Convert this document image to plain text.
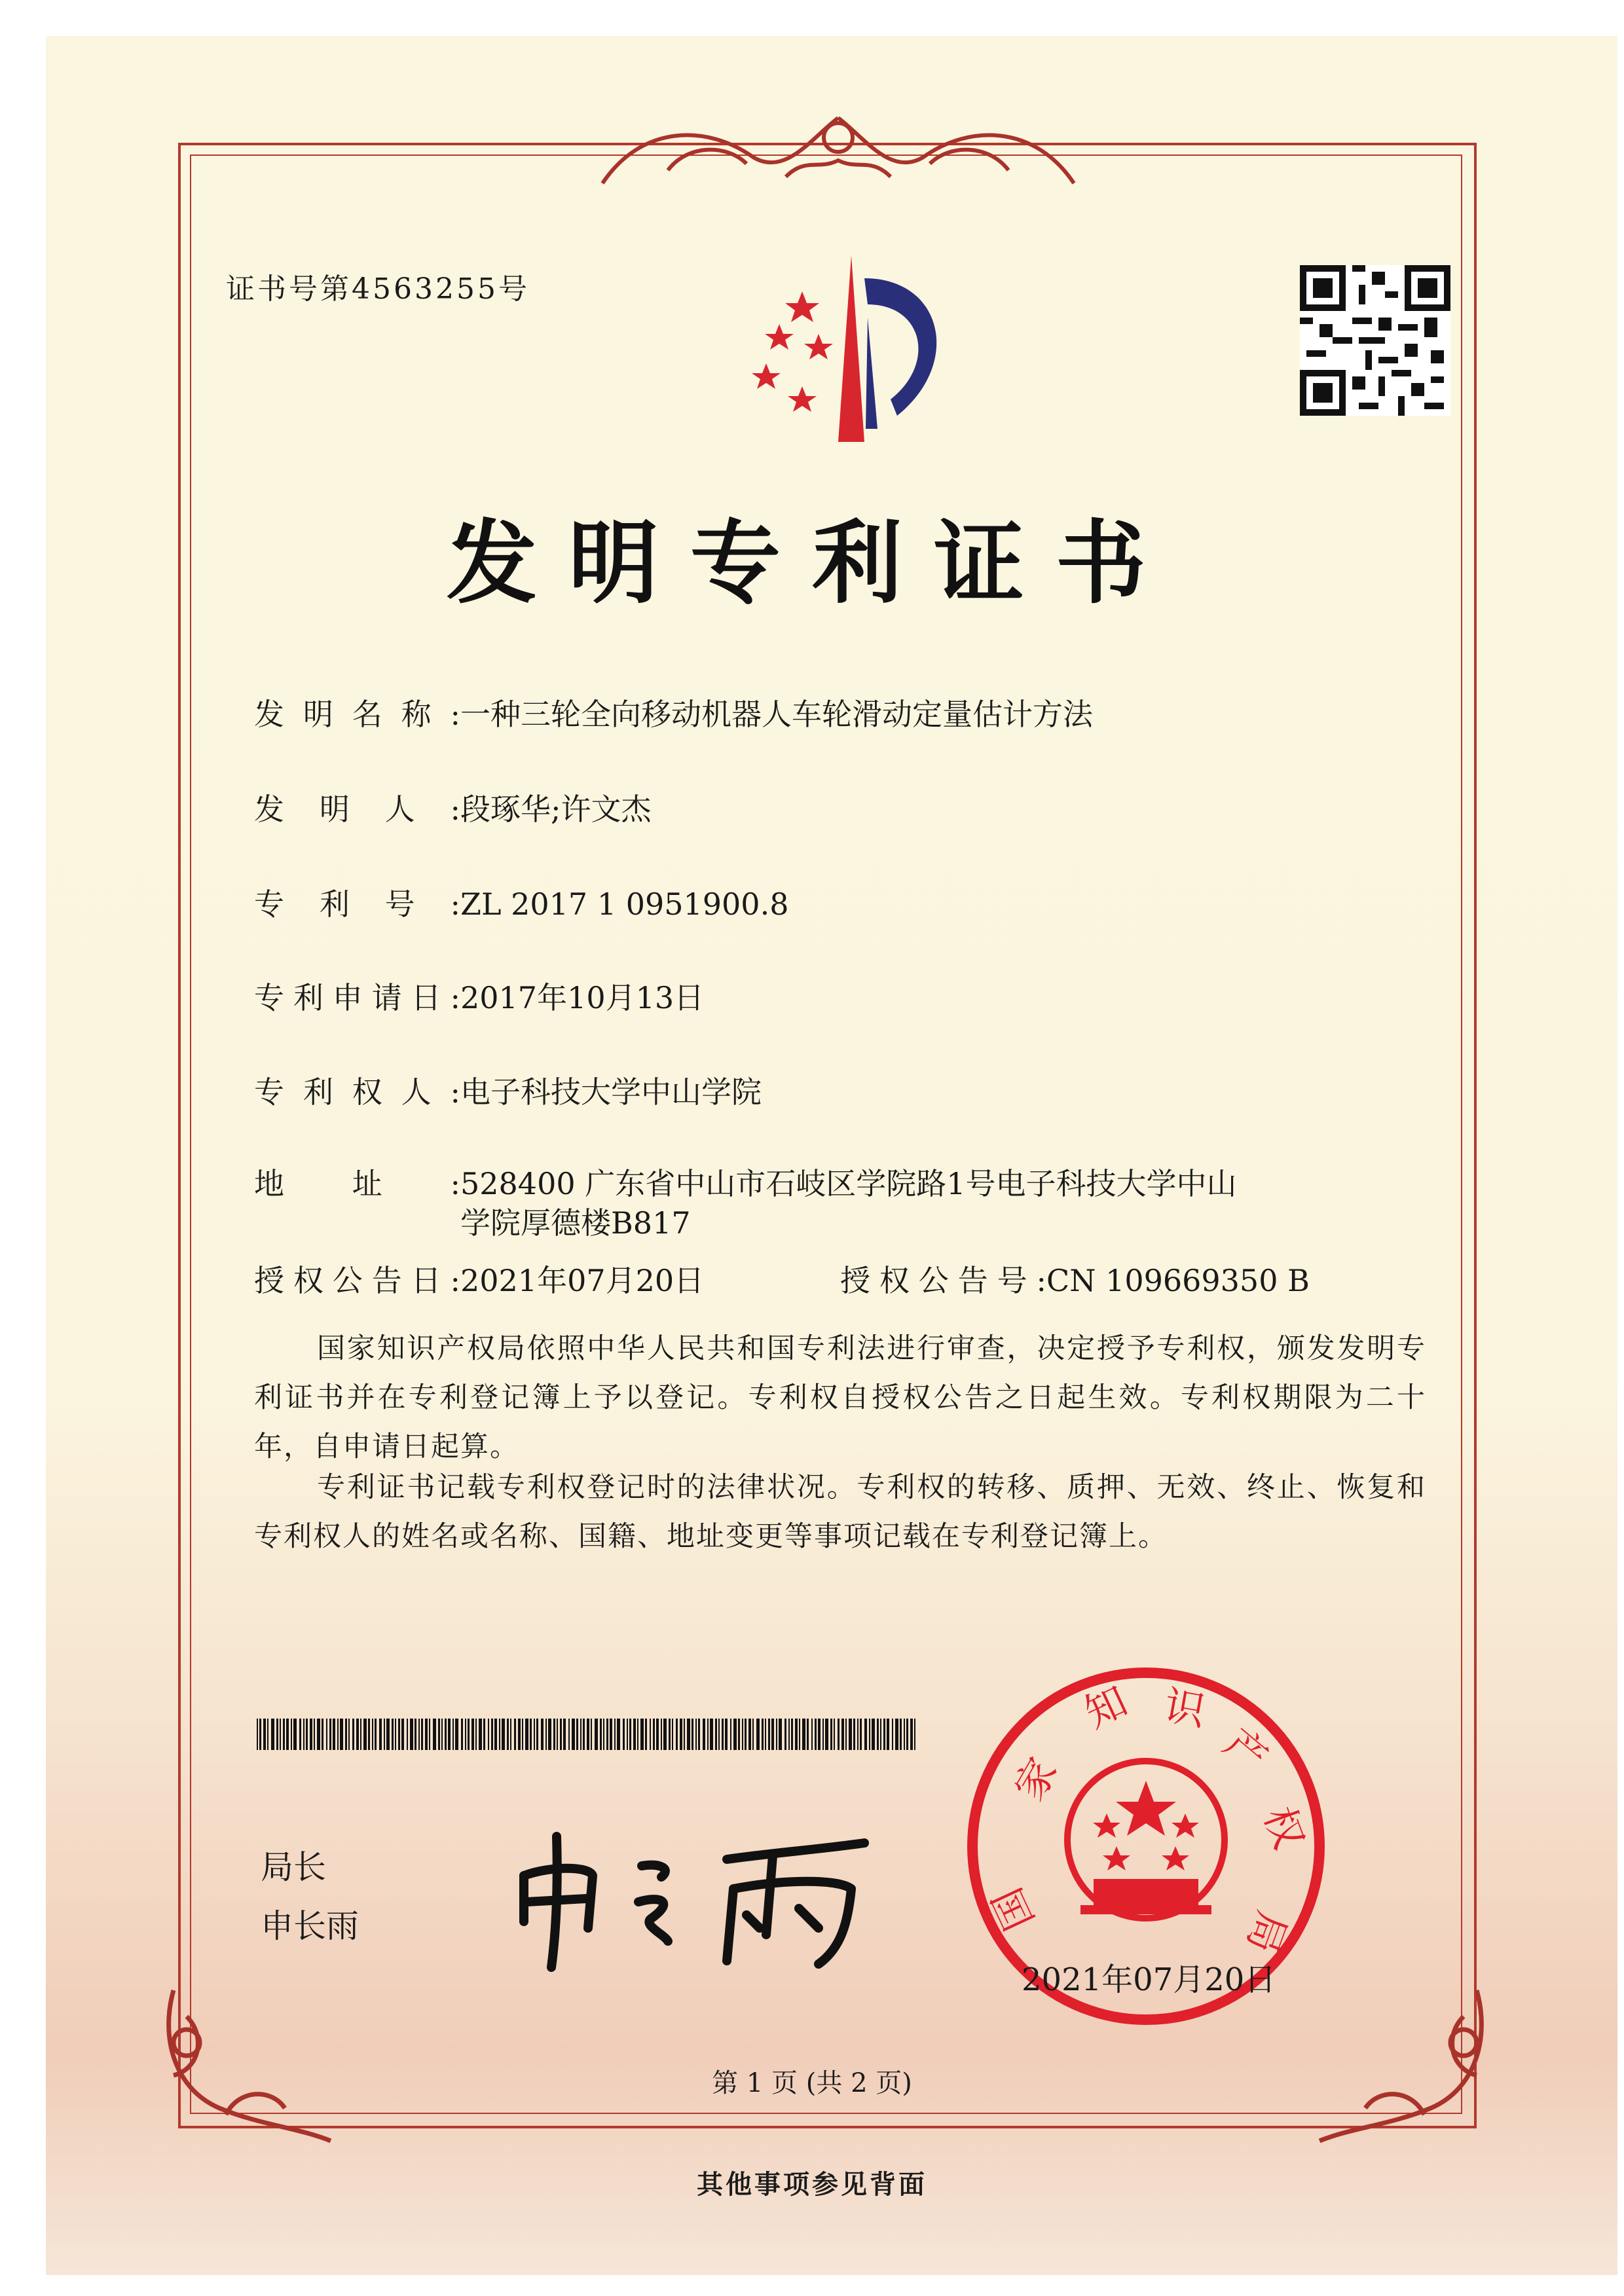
证书号第4563255号
发明专利证书
发明名称:一种三轮全向移动机器人车轮滑动定量估计方法
发明人:段琢华;许文杰
专利号:ZL 2017 1 0951900.8
专利申请日:2017年10月13日
专利权人:电子科技大学中山学院
地址:528400 广东省中山市石岐区学院路1号电子科技大学中山
学院厚德楼B817
授权公告日:2021年07月20日	授权公告号:CN 109669350 B
国家知识产权局依照中华人民共和国专利法进行审查，决定授予专利权，颁发发明专利证书并在专利登记簿上予以登记。专利权自授权公告之日起生效。专利权期限为二十年，自申请日起算。
专利证书记载专利权登记时的法律状况。专利权的转移、质押、无效、终止、恢复和专利权人的姓名或名称、国籍、地址变更等事项记载在专利登记簿上。
局长
申长雨
家
国
知 识
产
权
局
2021年07月20日
第 1 页 (共 2 页)
其他事项参见背面
